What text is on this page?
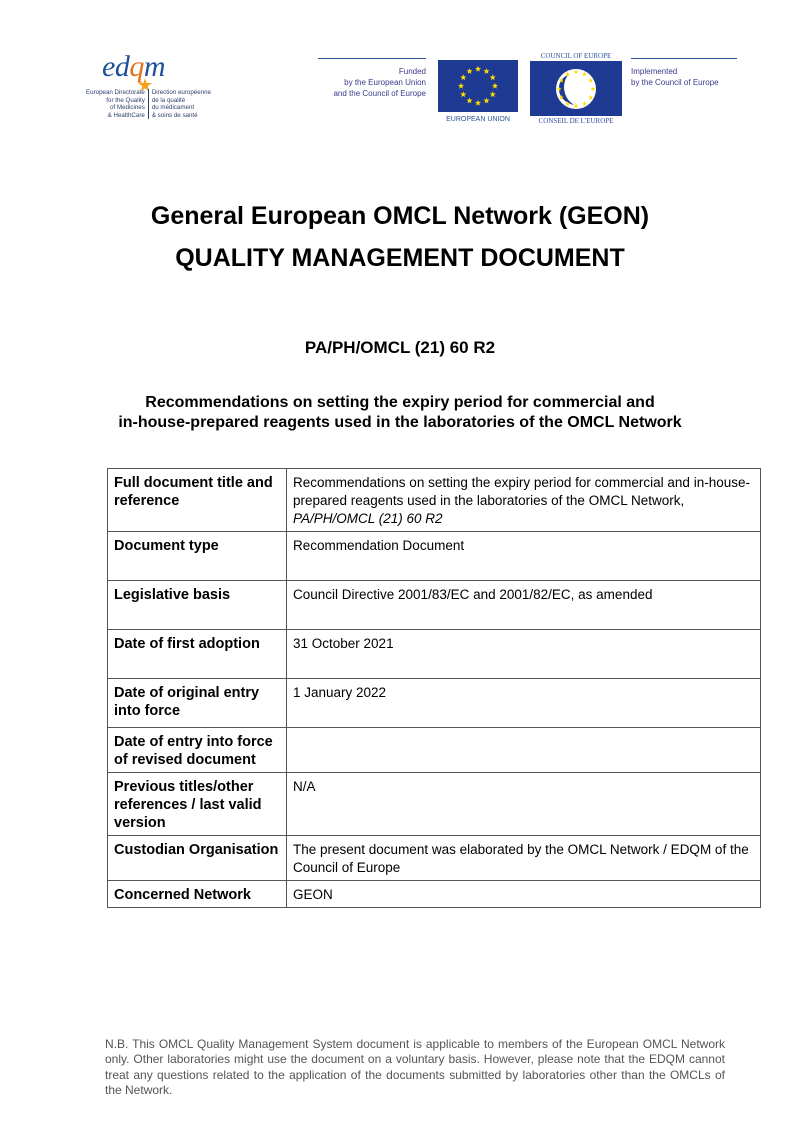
edqm
European Directorate
for the Quality
of Medicines
& HealthCare
Direction européenne
de la qualité
du médicament
& soins de santé
Funded
by the European Union
and the Council of Europe
EUROPEAN UNION
COUNCIL OF EUROPE
CONSEIL DE L'EUROPE
Implemented
by the Council of Europe
General European OMCL Network (GEON)
QUALITY MANAGEMENT DOCUMENT
PA/PH/OMCL (21) 60 R2
Recommendations on setting the expiry period for commercial and
in-house-prepared reagents used in the laboratories of the OMCL Network
Full document title and reference	Recommendations on setting the expiry period for commercial and in-house-prepared reagents used in the laboratories of the OMCL Network, PA/PH/OMCL (21) 60 R2
Document type	Recommendation Document
Legislative basis	Council Directive 2001/83/EC and 2001/82/EC, as amended
Date of first adoption	31 October 2021
Date of original entry into force	1 January 2022
Date of entry into force of revised document	
Previous titles/other references / last valid version	N/A
Custodian Organisation	The present document was elaborated by the OMCL Network / EDQM of the Council of Europe
Concerned Network	GEON
N.B. This OMCL Quality Management System document is applicable to members of the European OMCL Network only. Other laboratories might use the document on a voluntary basis. However, please note that the EDQM cannot treat any questions related to the application of the documents submitted by laboratories other than the OMCLs of the Network.
